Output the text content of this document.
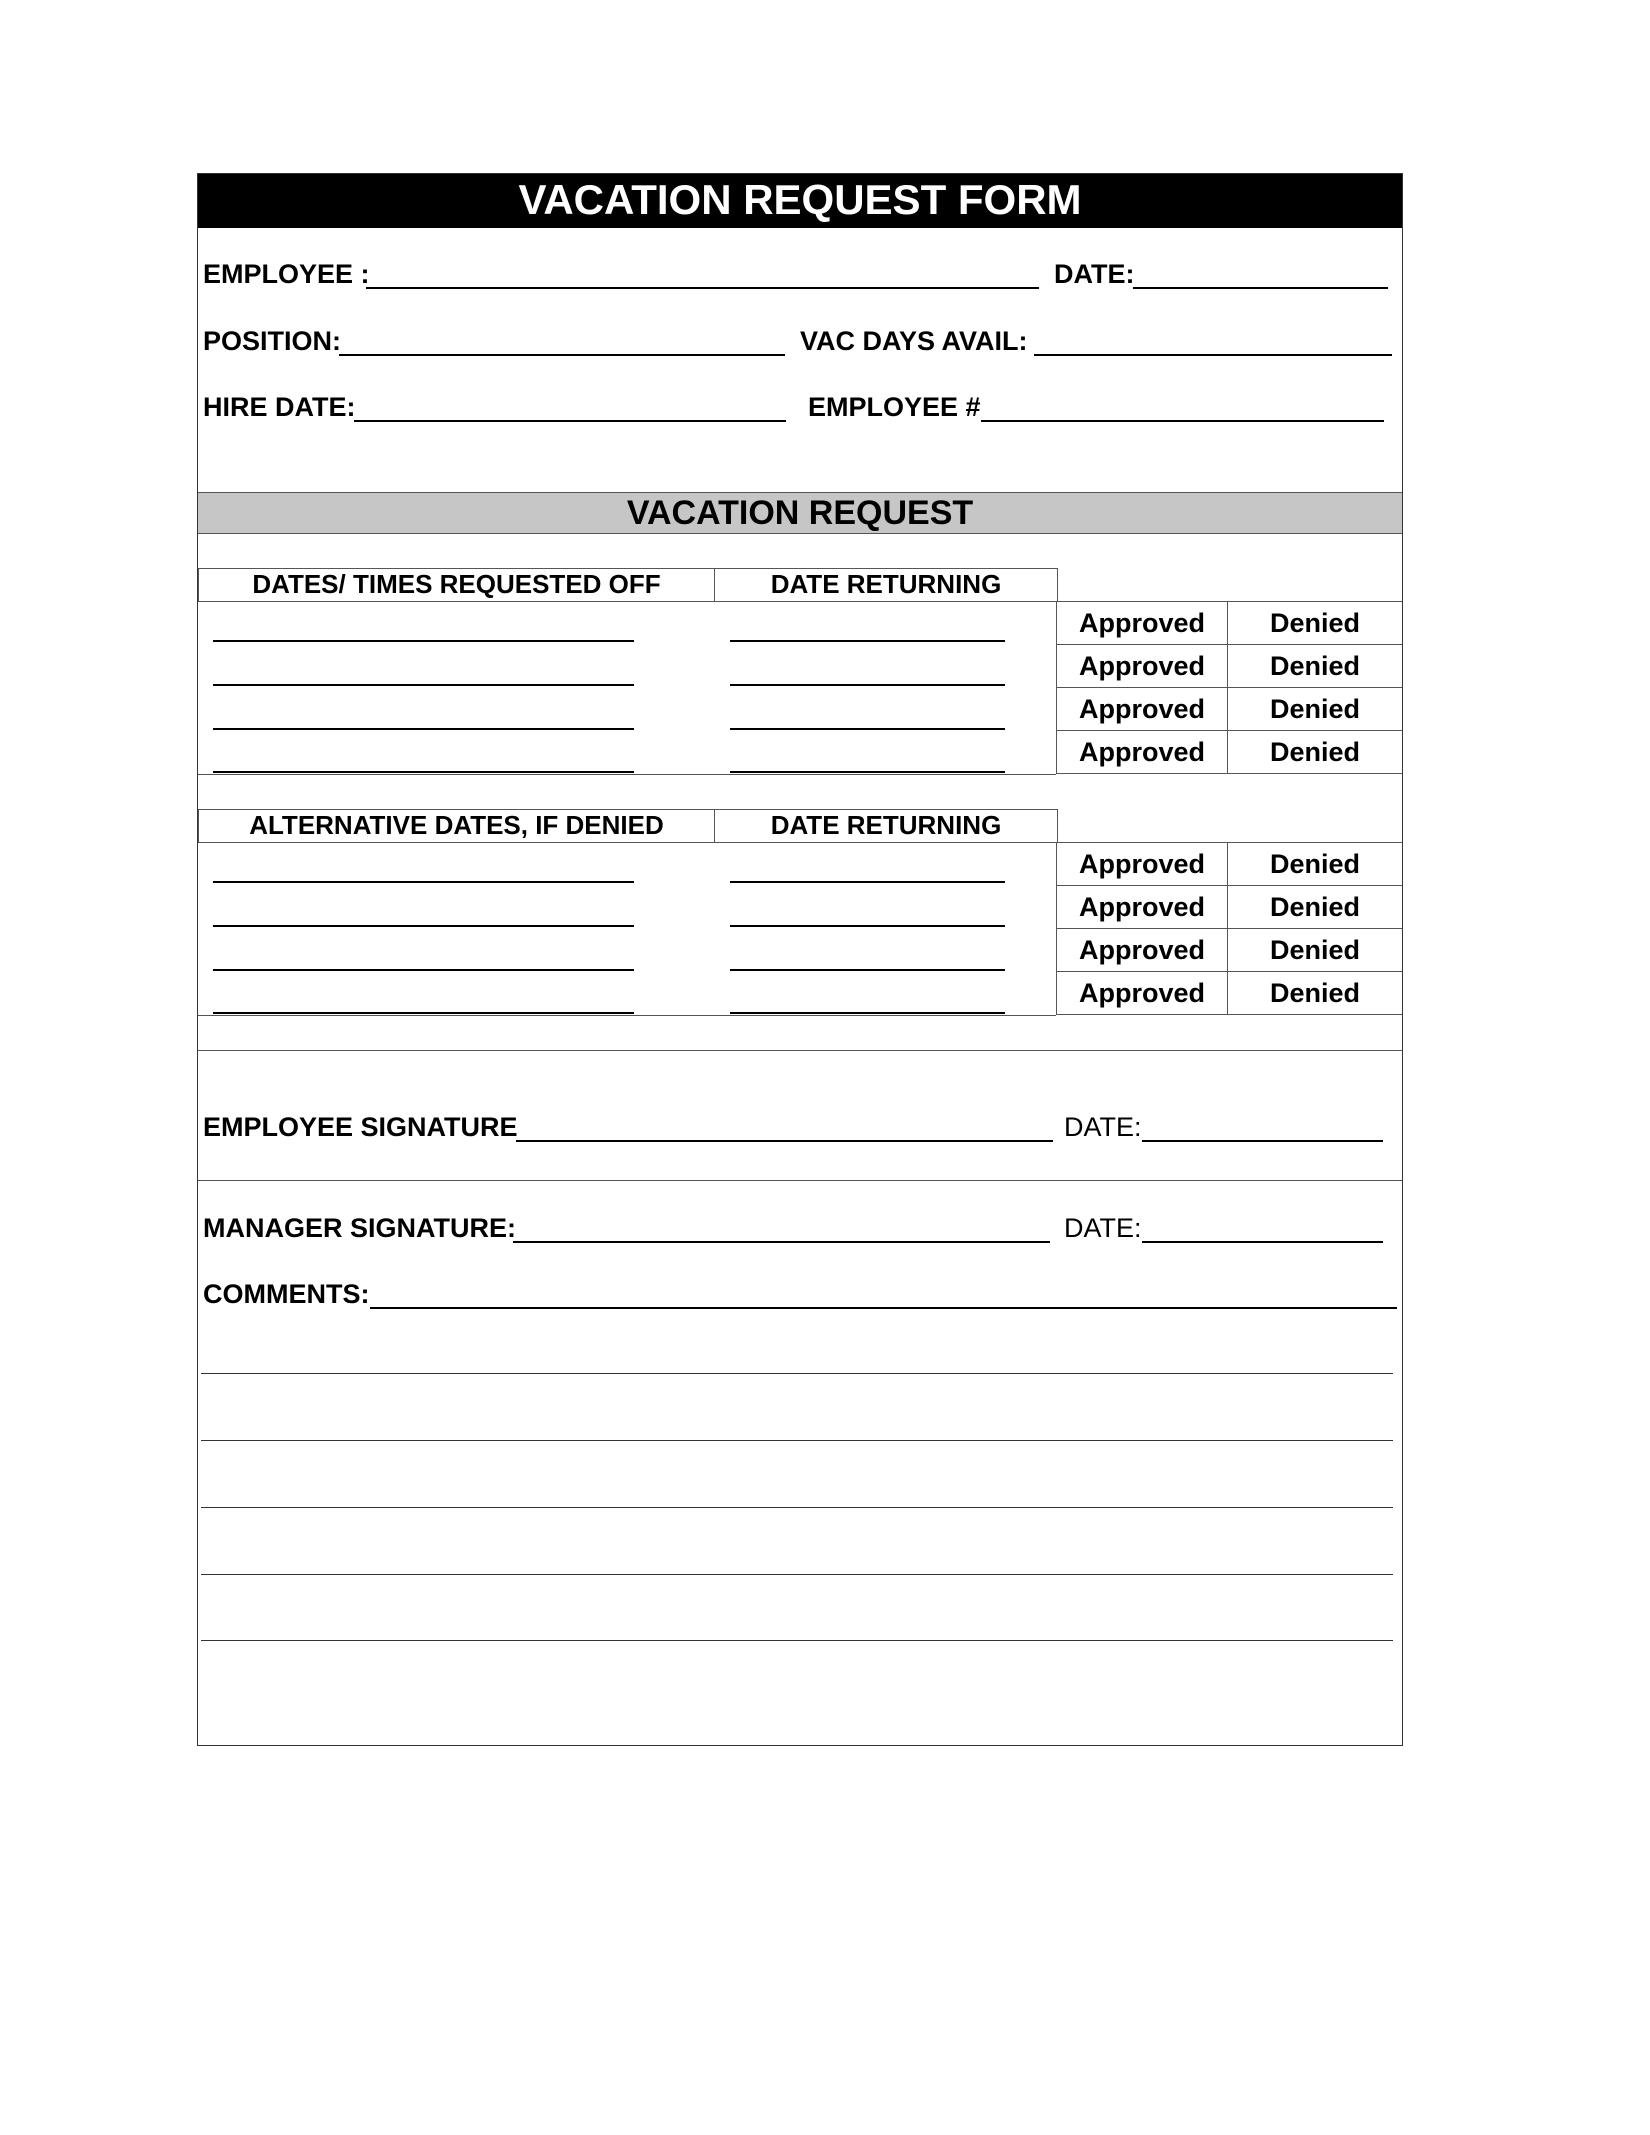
VACATION REQUEST FORM
EMPLOYEE :	DATE:
POSITION:	VAC DAYS AVAIL:
HIRE DATE:	EMPLOYEE #
VACATION REQUEST
DATES/ TIMES REQUESTED OFF	DATE RETURNING
Approved	Denied
Approved	Denied
Approved	Denied
Approved	Denied
ALTERNATIVE DATES, IF DENIED	DATE RETURNING
Approved	Denied
Approved	Denied
Approved	Denied
Approved	Denied
EMPLOYEE SIGNATURE	DATE:
MANAGER SIGNATURE:	DATE:
COMMENTS:
